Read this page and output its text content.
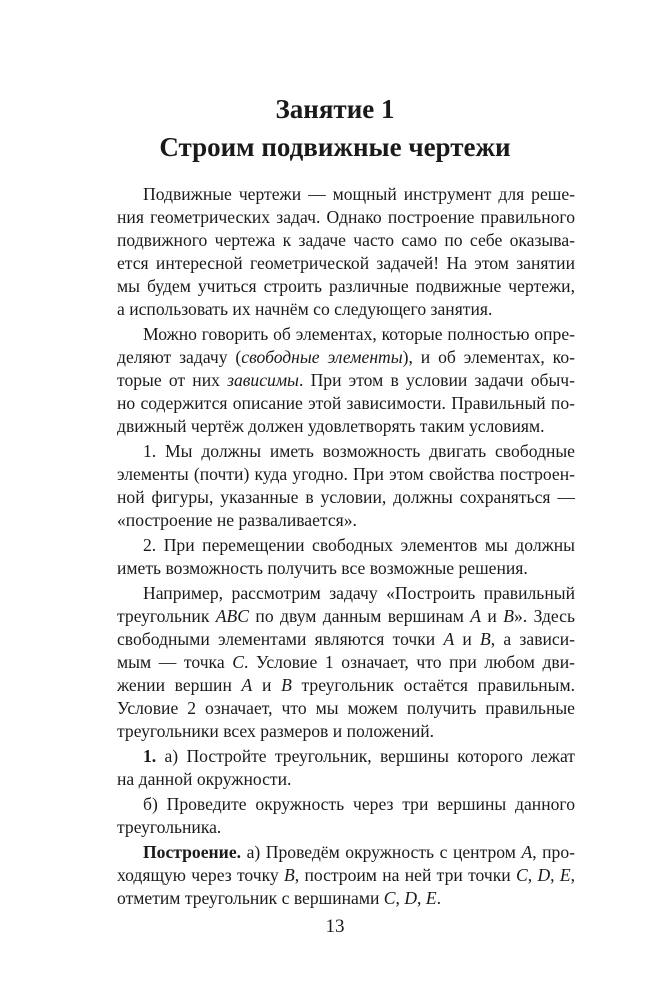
Занятие 1
Строим подвижные чертежи
Подвижные чертежи — мощный инструмент для реше-
ния геометрических задач. Однако построение правильного
подвижного чертежа к задаче часто само по себе оказыва-
ется интересной геометрической задачей! На этом занятии
мы будем учиться строить различные подвижные чертежи,
а использовать их начнём со следующего занятия.
Можно говорить об элементах, которые полностью опре-
деляют задачу (свободные элементы), и об элементах, ко-
торые от них зависимы. При этом в условии задачи обыч-
но содержится описание этой зависимости. Правильный по-
движный чертёж должен удовлетворять таким условиям.
1. Мы должны иметь возможность двигать свободные
элементы (почти) куда угодно. При этом свойства построен-
ной фигуры, указанные в условии, должны сохраняться —
«построение не разваливается».
2. При перемещении свободных элементов мы должны
иметь возможность получить все возможные решения.
Например, рассмотрим задачу «Построить правильный
треугольник ABC по двум данным вершинам A и B». Здесь
свободными элементами являются точки A и B, а зависи-
мым — точка C. Условие 1 означает, что при любом дви-
жении вершин A и B треугольник остаётся правильным.
Условие 2 означает, что мы можем получить правильные
треугольники всех размеров и положений.
1. а) Постройте треугольник, вершины которого лежат
на данной окружности.
б) Проведите окружность через три вершины данного
треугольника.
Построение. а) Проведём окружность с центром A, про-
ходящую через точку B, построим на ней три точки C, D, E,
отметим треугольник с вершинами C, D, E.
13
